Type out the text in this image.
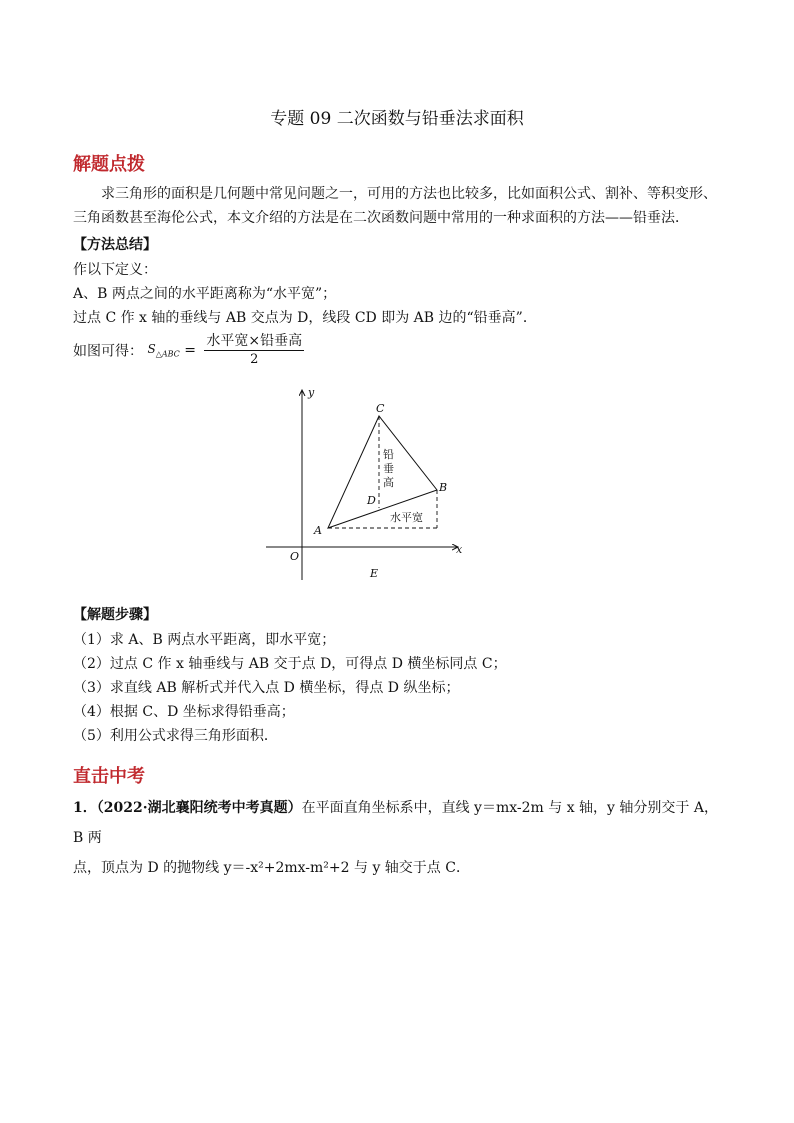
专题 09 二次函数与铅垂法求面积
解题点拨
求三角形的面积是几何题中常见问题之一，可用的方法也比较多，比如面积公式、割补、等积变形、三角函数甚至海伦公式，本文介绍的方法是在二次函数问题中常用的一种求面积的方法——铅垂法．
【方法总结】
作以下定义：
A、B 两点之间的水平距离称为“水平宽”；
过点 C 作 x 轴的垂线与 AB 交点为 D，线段 CD 即为 AB 边的“铅垂高”．
如图可得： $S_{\triangle ABC} = \frac{\text{水平宽×铅垂高}}{2}$
y
x
O
C
B
A
D
E
铅
垂
高
水平宽
【解题步骤】
（1）求 A、B 两点水平距离，即水平宽；
（2）过点 C 作 x 轴垂线与 AB 交于点 D，可得点 D 横坐标同点 C；
（3）求直线 AB 解析式并代入点 D 横坐标，得点 D 纵坐标；
（4）根据 C、D 坐标求得铅垂高；
（5）利用公式求得三角形面积．
直击中考
1．（2022·湖北襄阳统考中考真题）在平面直角坐标系中，直线 y＝mx-2m 与 x 轴，y 轴分别交于 A，B 两
点，顶点为 D 的抛物线 y＝-x²+2mx-m²+2 与 y 轴交于点 C．
